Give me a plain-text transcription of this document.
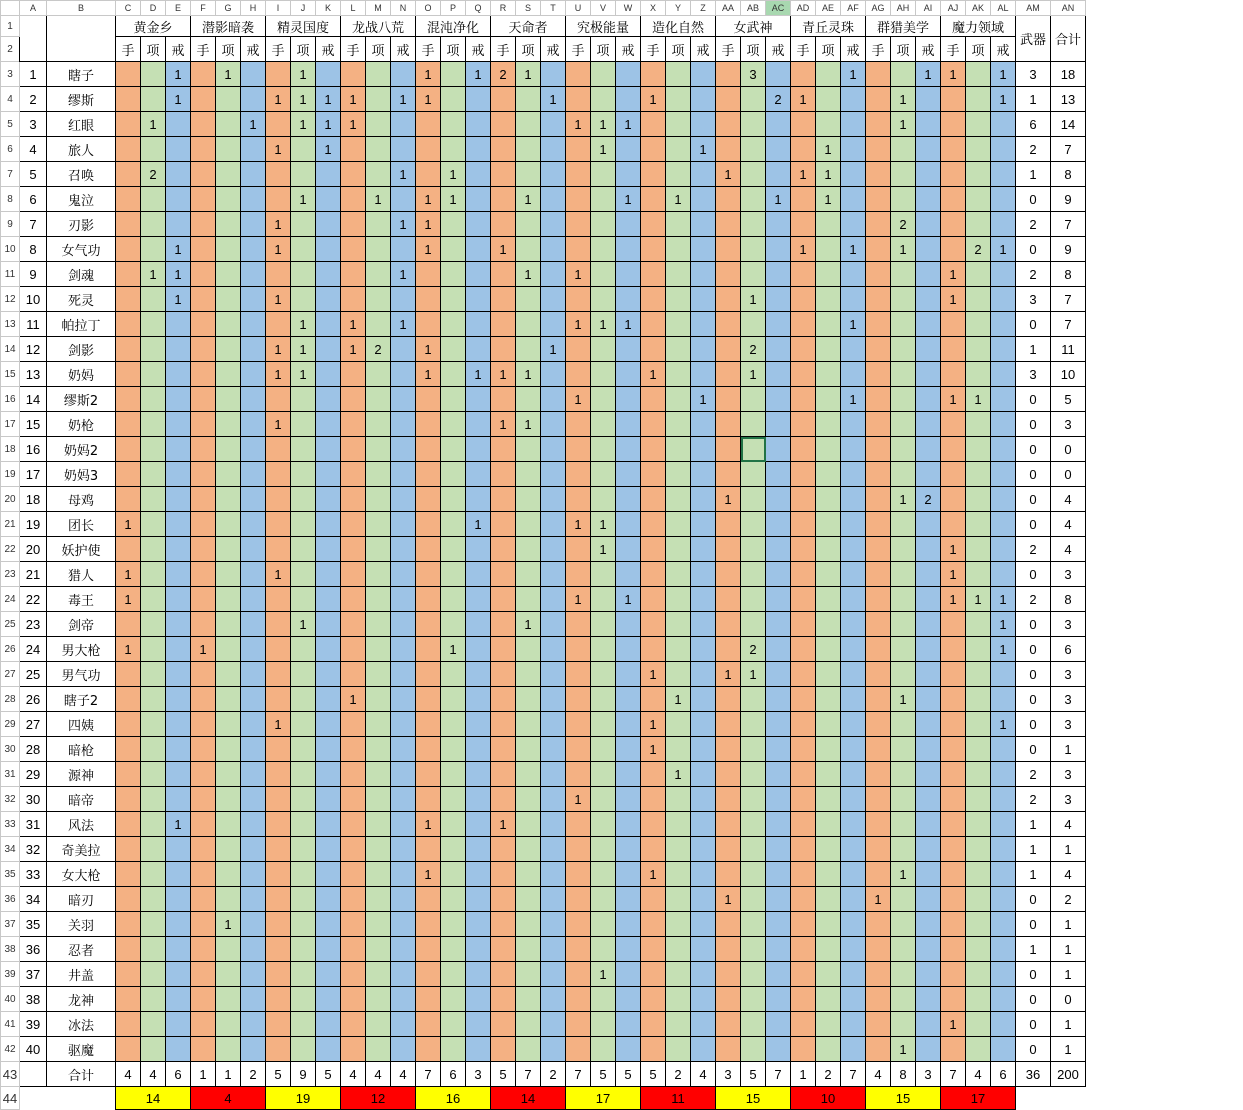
	A	B	C	D	E	F	G	H	I	J	K	L	M	N	O	P	Q	R	S	T	U	V	W	X	Y	Z	AA	AB	AC	AD	AE	AF	AG	AH	AI	AJ	AK	AL	AM	AN
1			黄金乡			潜影暗袭			精灵国度			龙战八荒			混沌净化			天命者			究极能量			造化自然			女武神			青丘灵珠			群猎美学			魔力领域			武器	合计
2			手	项	戒	手	项	戒	手	项	戒	手	项	戒	手	项	戒	手	项	戒	手	项	戒	手	项	戒	手	项	戒	手	项	戒	手	项	戒	手	项	戒		
3	1	瞎子			1		1			1					1		1	2	1									3				1			1	1		1	3	18
4	2	缪斯			1				1	1	1	1		1	1					1				1					2	1				1				1	1	13
5	3	红眼		1				1		1	1	1									1	1	1											1					6	14
6	4	旅人							1		1											1				1					1								2	7
7	5	召唤		2										1		1											1			1	1								1	8
8	6	鬼泣								1			1		1	1			1				1		1				1		1								0	9
9	7	刃影							1					1	1																			2					2	7
10	8	女气功			1				1						1			1												1		1		1			2	1	0	9
11	9	剑魂		1	1									1					1		1															1			2	8
12	10	死灵			1				1																			1								1			3	7
13	11	帕拉丁								1		1		1							1	1	1									1							0	7
14	12	剑影							1	1		1	2		1					1								2											1	11
15	13	奶妈							1	1					1		1	1	1					1				1											3	10
16	14	缪斯2																			1					1						1				1	1		0	5
17	15	奶枪							1									1	1																				0	3
18	16	奶妈2																																					0	0
19	17	奶妈3																																					0	0
20	18	母鸡																									1							1	2				0	4
21	19	团长	1														1				1	1																	0	4
22	20	妖护使																				1														1			2	4
23	21	猎人	1						1																											1			0	3
24	22	毒王	1																		1		1													1	1	1	2	8
25	23	剑帝								1									1																			1	0	3
26	24	男大枪	1			1										1												2										1	0	6
27	25	男气功																						1			1	1											0	3
28	26	瞎子2										1													1									1					0	3
29	27	四姨							1															1														1	0	3
30	28	暗枪																						1															0	1
31	29	源神																							1														2	3
32	30	暗帝																			1																		2	3
33	31	风法			1										1			1																					1	4
34	32	奇美拉																																					1	1
35	33	女大枪													1									1										1					1	4
36	34	暗刃																									1						1						0	2
37	35	关羽					1																																0	1
38	36	忍者																																					1	1
39	37	井盖																				1																	0	1
40	38	龙神																																					0	0
41	39	冰法																																		1			0	1
42	40	驱魔																																1					0	1
43		合计	4	4	6	1	1	2	5	9	5	4	4	4	7	6	3	5	7	2	7	5	5	5	2	4	3	5	7	1	2	7	4	8	3	7	4	6	36	200
44			14			4			19			12			16			14			17			11			15			10			15			17				
